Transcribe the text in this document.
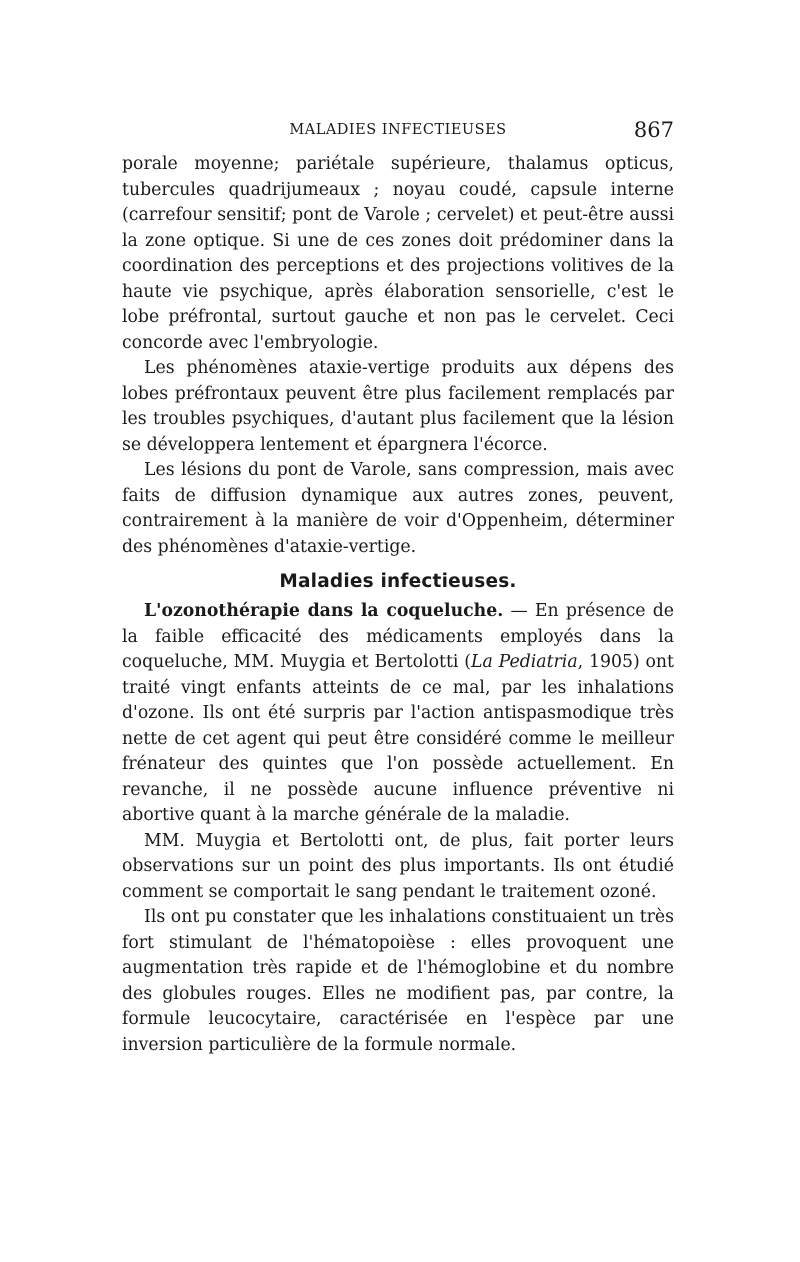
MALADIES INFECTIEUSES	867

porale moyenne; pariétale supérieure, thalamus opticus, tubercules quadrijumeaux ; noyau coudé, capsule interne (carrefour sensitif; pont de Varole ; cervelet) et peut-être aussi la zone optique. Si une de ces zones doit prédominer dans la coordination des perceptions et des projections volitives de la haute vie psychique, après élaboration sensorielle, c'est le lobe préfrontal, surtout gauche et non pas le cervelet. Ceci concorde avec l'embryologie.

Les phénomènes ataxie-vertige produits aux dépens des lobes préfrontaux peuvent être plus facilement remplacés par les troubles psychiques, d'autant plus facilement que la lésion se développera lentement et épargnera l'écorce.

Les lésions du pont de Varole, sans compression, mais avec faits de diffusion dynamique aux autres zones, peuvent, contrairement à la manière de voir d'Oppenheim, déterminer des phénomènes d'ataxie-vertige.

Maladies infectieuses.

L'ozonothérapie dans la coqueluche. — En présence de la faible efficacité des médicaments employés dans la coqueluche, MM. Muygia et Bertolotti (La Pediatria, 1905) ont traité vingt enfants atteints de ce mal, par les inhalations d'ozone. Ils ont été surpris par l'action antispasmodique très nette de cet agent qui peut être considéré comme le meilleur frénateur des quintes que l'on possède actuellement. En revanche, il ne possède aucune influence préventive ni abortive quant à la marche générale de la maladie.

MM. Muygia et Bertolotti ont, de plus, fait porter leurs observations sur un point des plus importants. Ils ont étudié comment se comportait le sang pendant le traitement ozoné.

Ils ont pu constater que les inhalations constituaient un très fort stimulant de l'hématopoièse : elles provoquent une augmentation très rapide et de l'hémoglobine et du nombre des globules rouges. Elles ne modifient pas, par contre, la formule leucocytaire, caractérisée en l'espèce par une inversion particulière de la formule normale.
